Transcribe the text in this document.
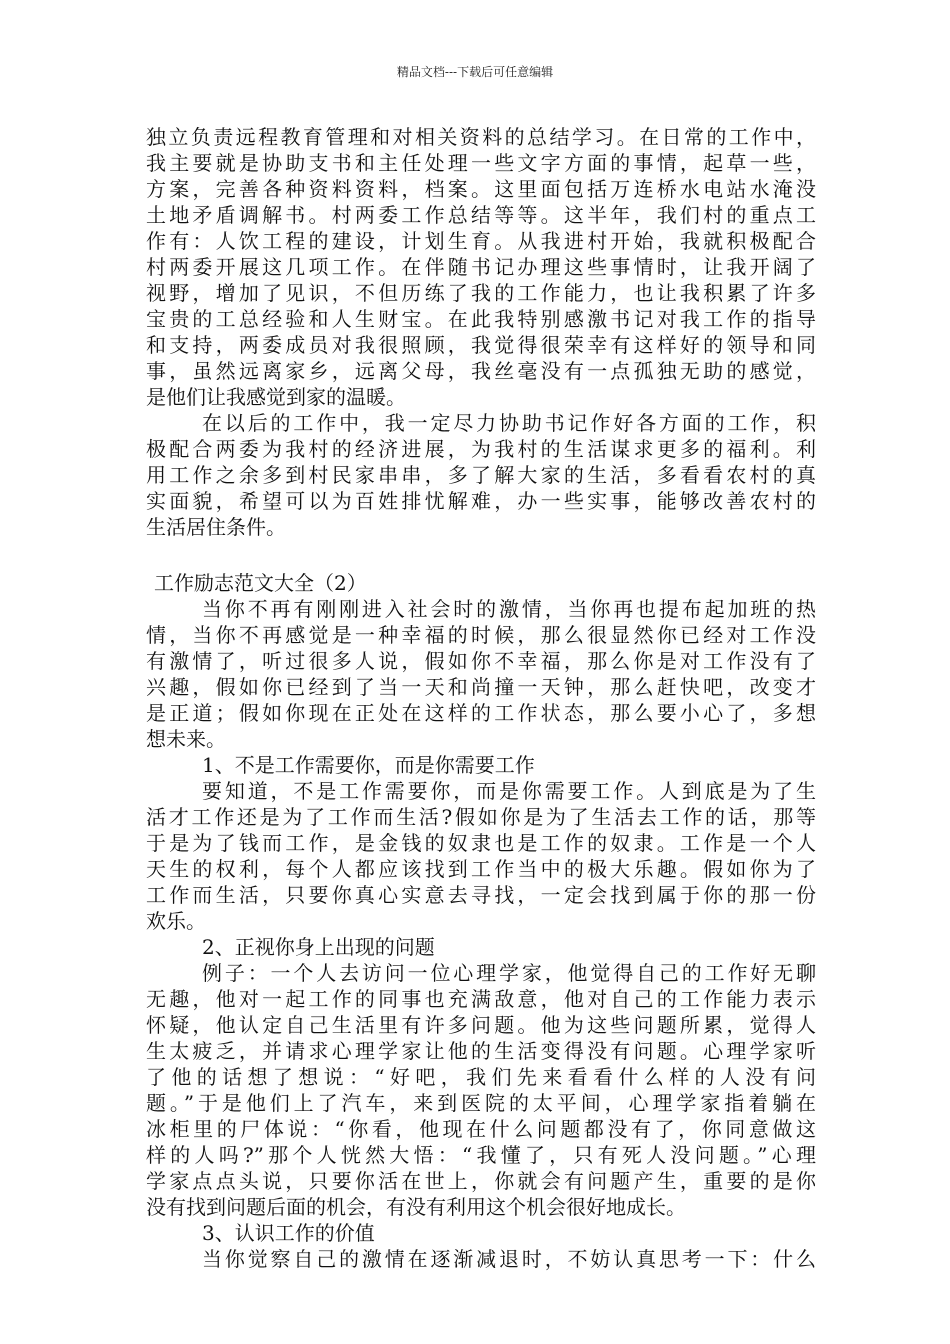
精品文档---下载后可任意编辑
独立负责远程教育管理和对相关资料的总结学习。在日常的工作中，
我主要就是协助支书和主任处理一些文字方面的事情，起草一些，
方案，完善各种资料资料，档案。这里面包括万连桥水电站水淹没
土地矛盾调解书。村两委工作总结等等。这半年，我们村的重点工
作有：人饮工程的建设，计划生育。从我进村开始，我就积极配合
村两委开展这几项工作。在伴随书记办理这些事情时，让我开阔了
视野，增加了见识，不但历练了我的工作能力，也让我积累了许多
宝贵的工总经验和人生财宝。在此我特别感激书记对我工作的指导
和支持，两委成员对我很照顾，我觉得很荣幸有这样好的领导和同
事，虽然远离家乡，远离父母，我丝毫没有一点孤独无助的感觉，
是他们让我感觉到家的温暖。
在以后的工作中，我一定尽力协助书记作好各方面的工作，积
极配合两委为我村的经济进展，为我村的生活谋求更多的福利。利
用工作之余多到村民家串串，多了解大家的生活，多看看农村的真
实面貌，希望可以为百姓排忧解难，办一些实事，能够改善农村的
生活居住条件。
工作励志范文大全（2）
当你不再有刚刚进入社会时的激情，当你再也提布起加班的热
情，当你不再感觉是一种幸福的时候，那么很显然你已经对工作没
有激情了，听过很多人说，假如你不幸福，那么你是对工作没有了
兴趣，假如你已经到了当一天和尚撞一天钟，那么赶快吧，改变才
是正道；假如你现在正处在这样的工作状态，那么要小心了，多想
想未来。
1、不是工作需要你，而是你需要工作
要知道，不是工作需要你，而是你需要工作。人到底是为了生
活才工作还是为了工作而生活?假如你是为了生活去工作的话，那等
于是为了钱而工作，是金钱的奴隶也是工作的奴隶。工作是一个人
天生的权利，每个人都应该找到工作当中的极大乐趣。假如你为了
工作而生活，只要你真心实意去寻找，一定会找到属于你的那一份
欢乐。
2、正视你身上出现的问题
例子：一个人去访问一位心理学家，他觉得自己的工作好无聊
无趣，他对一起工作的同事也充满敌意，他对自己的工作能力表示
怀疑，他认定自己生活里有许多问题。他为这些问题所累，觉得人
生太疲乏，并请求心理学家让他的生活变得没有问题。心理学家听
了他的话想了想说：“好吧，我们先来看看什么样的人没有问
题。”于是他们上了汽车，来到医院的太平间，心理学家指着躺在
冰柜里的尸体说：“你看，他现在什么问题都没有了，你同意做这
样的人吗?”那个人恍然大悟：“我懂了，只有死人没问题。”心理
学家点点头说，只要你活在世上，你就会有问题产生，重要的是你
没有找到问题后面的机会，有没有利用这个机会很好地成长。
3、认识工作的价值
当你觉察自己的激情在逐渐减退时，不妨认真思考一下：什么
